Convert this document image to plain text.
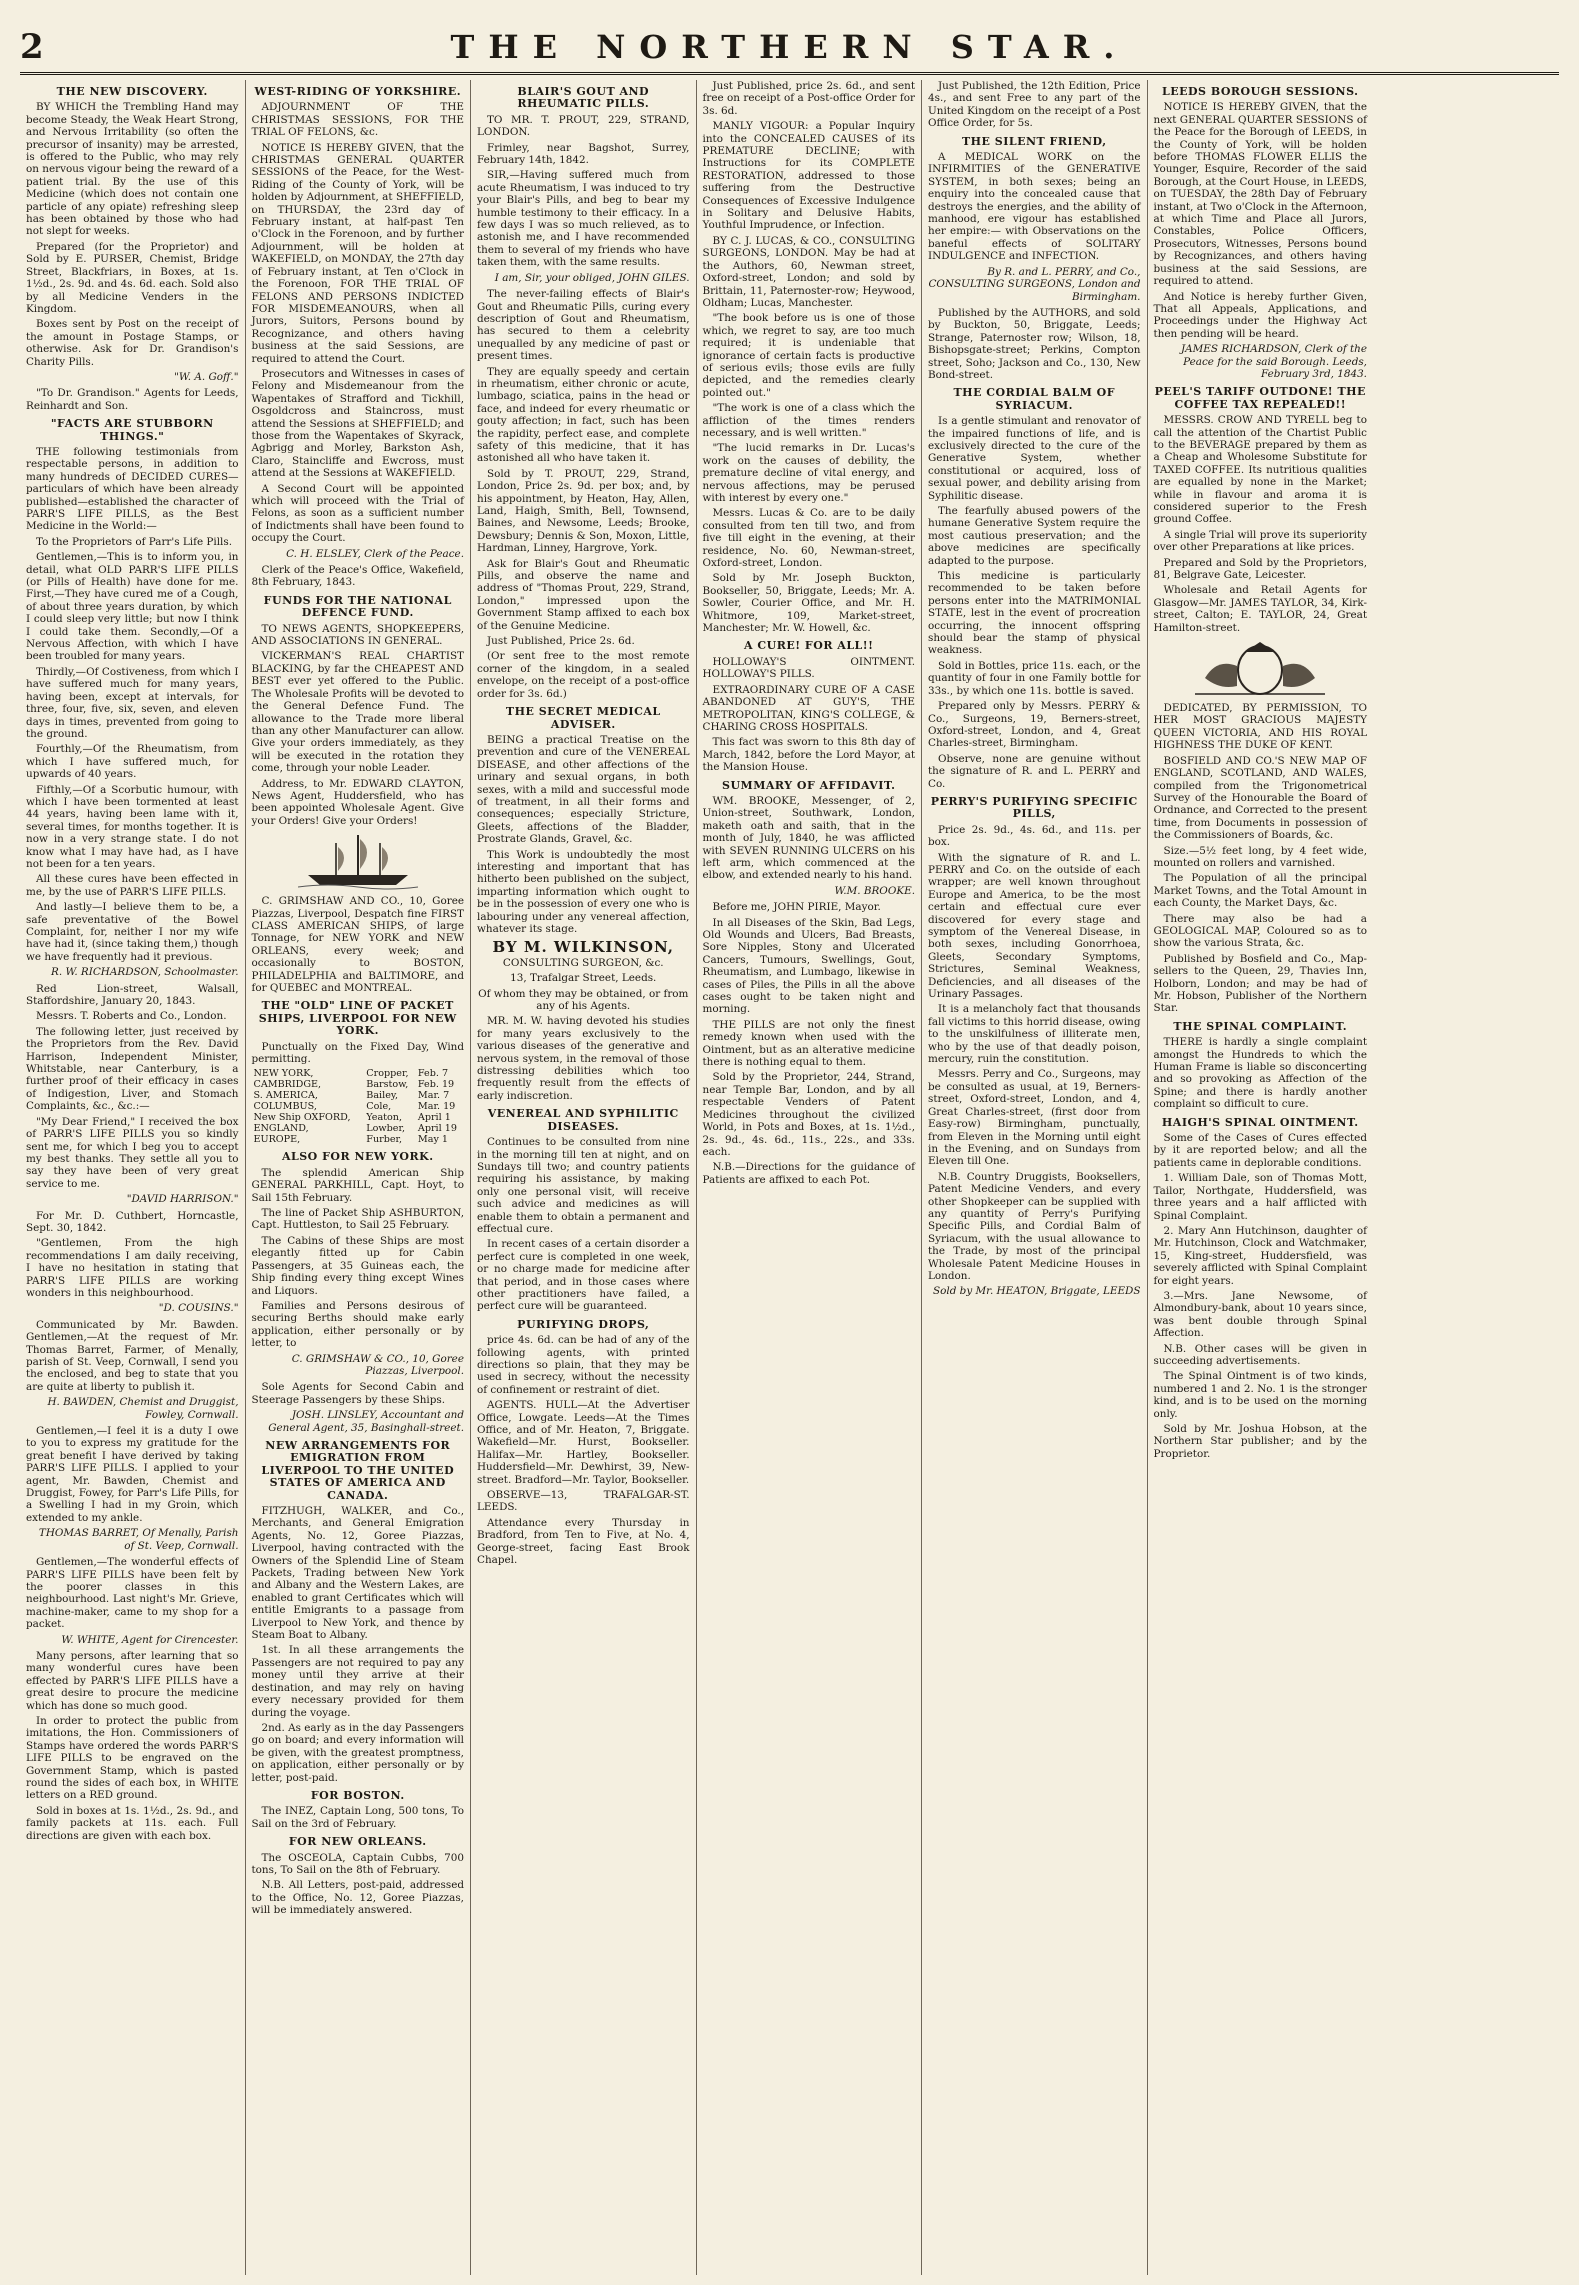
2	THE NORTHERN STAR.
THE NEW DISCOVERY.
BY WHICH the Trembling Hand may become Steady, the Weak Heart Strong, and Nervous Irritability (so often the precursor of insanity) may be arrested, is offered to the Public, who may rely on nervous vigour being the reward of a patient trial. By the use of this Medicine (which does not contain one particle of any opiate) refreshing sleep has been obtained by those who had not slept for weeks.
Prepared (for the Proprietor) and Sold by E. PURSER, Chemist, Bridge Street, Blackfriars, in Boxes, at 1s. 1½d., 2s. 9d. and 4s. 6d. each. Sold also by all Medicine Venders in the Kingdom.
Boxes sent by Post on the receipt of the amount in Postage Stamps, or otherwise. Ask for Dr. Grandison's Charity Pills.
"W. A. Goff."
"To Dr. Grandison." Agents for Leeds, Reinhardt and Son.
"FACTS ARE STUBBORN THINGS."
THE following testimonials from respectable persons, in addition to many hundreds of DECIDED CURES—particulars of which have been already published—established the character of PARR'S LIFE PILLS, as the Best Medicine in the World:—
To the Proprietors of Parr's Life Pills.
Gentlemen,—This is to inform you, in detail, what OLD PARR'S LIFE PILLS (or Pills of Health) have done for me. First,—They have cured me of a Cough, of about three years duration, by which I could sleep very little; but now I think I could take them. Secondly,—Of a Nervous Affection, with which I have been troubled for many years.
Thirdly,—Of Costiveness, from which I have suffered much for many years, having been, except at intervals, for three, four, five, six, seven, and eleven days in times, prevented from going to the ground.
Fourthly,—Of the Rheumatism, from which I have suffered much, for upwards of 40 years.
Fifthly,—Of a Scorbutic humour, with which I have been tormented at least 44 years, having been lame with it, several times, for months together. It is now in a very strange state. I do not know what I may have had, as I have not been for a ten years.
All these cures have been effected in me, by the use of PARR'S LIFE PILLS.
And lastly—I believe them to be, a safe preventative of the Bowel Complaint, for, neither I nor my wife have had it, (since taking them,) though we have frequently had it previous.
R. W. RICHARDSON, Schoolmaster.
Red Lion-street, Walsall, Staffordshire, January 20, 1843.
Messrs. T. Roberts and Co., London.
The following letter, just received by the Proprietors from the Rev. David Harrison, Independent Minister, Whitstable, near Canterbury, is a further proof of their efficacy in cases of Indigestion, Liver, and Stomach Complaints, &c., &c.:—
"My Dear Friend," I received the box of PARR'S LIFE PILLS you so kindly sent me, for which I beg you to accept my best thanks. They settle all you to say they have been of very great service to me.
"DAVID HARRISON."
For Mr. D. Cuthbert, Horncastle, Sept. 30, 1842.
"Gentlemen, From the high recommendations I am daily receiving, I have no hesitation in stating that PARR'S LIFE PILLS are working wonders in this neighbourhood.
"D. COUSINS."
Communicated by Mr. Bawden. Gentlemen,—At the request of Mr. Thomas Barret, Farmer, of Menally, parish of St. Veep, Cornwall, I send you the enclosed, and beg to state that you are quite at liberty to publish it.
H. BAWDEN, Chemist and Druggist, Fowley, Cornwall.
Gentlemen,—I feel it is a duty I owe to you to express my gratitude for the great benefit I have derived by taking PARR'S LIFE PILLS. I applied to your agent, Mr. Bawden, Chemist and Druggist, Fowey, for Parr's Life Pills, for a Swelling I had in my Groin, which extended to my ankle.
THOMAS BARRET, Of Menally, Parish of St. Veep, Cornwall.
Gentlemen,—The wonderful effects of PARR'S LIFE PILLS have been felt by the poorer classes in this neighbourhood. Last night's Mr. Grieve, machine-maker, came to my shop for a packet.
W. WHITE, Agent for Cirencester.
Many persons, after learning that so many wonderful cures have been effected by PARR'S LIFE PILLS have a great desire to procure the medicine which has done so much good.
In order to protect the public from imitations, the Hon. Commissioners of Stamps have ordered the words PARR'S LIFE PILLS to be engraved on the Government Stamp, which is pasted round the sides of each box, in WHITE letters on a RED ground.
Sold in boxes at 1s. 1½d., 2s. 9d., and family packets at 11s. each. Full directions are given with each box.
WEST-RIDING OF YORKSHIRE.
ADJOURNMENT OF THE CHRISTMAS SESSIONS, FOR THE TRIAL OF FELONS, &c.
NOTICE IS HEREBY GIVEN, that the CHRISTMAS GENERAL QUARTER SESSIONS of the Peace, for the West-Riding of the County of York, will be holden by Adjournment, at SHEFFIELD, on THURSDAY, the 23rd day of February instant, at half-past Ten o'Clock in the Forenoon, and by further Adjournment, will be holden at WAKEFIELD, on MONDAY, the 27th day of February instant, at Ten o'Clock in the Forenoon, FOR THE TRIAL OF FELONS AND PERSONS INDICTED FOR MISDEMEANOURS, when all Jurors, Suitors, Persons bound by Recognizance, and others having business at the said Sessions, are required to attend the Court.
Prosecutors and Witnesses in cases of Felony and Misdemeanour from the Wapentakes of Strafford and Tickhill, Osgoldcross and Staincross, must attend the Sessions at SHEFFIELD; and those from the Wapentakes of Skyrack, Agbrigg and Morley, Barkston Ash, Claro, Staincliffe and Ewcross, must attend at the Sessions at WAKEFIELD.
A Second Court will be appointed which will proceed with the Trial of Felons, as soon as a sufficient number of Indictments shall have been found to occupy the Court.
C. H. ELSLEY, Clerk of the Peace.
Clerk of the Peace's Office, Wakefield, 8th February, 1843.
FUNDS FOR THE NATIONAL DEFENCE FUND.
TO NEWS AGENTS, SHOPKEEPERS, AND ASSOCIATIONS IN GENERAL.
VICKERMAN'S REAL CHARTIST BLACKING, by far the CHEAPEST AND BEST ever yet offered to the Public. The Wholesale Profits will be devoted to the General Defence Fund. The allowance to the Trade more liberal than any other Manufacturer can allow. Give your orders immediately, as they will be executed in the rotation they come, through your noble Leader.
Address, to Mr. EDWARD CLAYTON, News Agent, Huddersfield, who has been appointed Wholesale Agent. Give your Orders! Give your Orders!
C. GRIMSHAW AND CO., 10, Goree Piazzas, Liverpool, Despatch fine FIRST CLASS AMERICAN SHIPS, of large Tonnage, for NEW YORK and NEW ORLEANS, every week; and occasionally to BOSTON, PHILADELPHIA and BALTIMORE, and for QUEBEC and MONTREAL.
THE "OLD" LINE OF PACKET SHIPS, LIVERPOOL FOR NEW YORK.
Punctually on the Fixed Day, Wind permitting.
NEW YORK,	Cropper,	Feb. 7
CAMBRIDGE,	Barstow,	Feb. 19
S. AMERICA,	Bailey,	Mar. 7
COLUMBUS,	Cole,	Mar. 19
New Ship OXFORD,	Yeaton,	April 1
ENGLAND,	Lowber,	April 19
EUROPE,	Furber,	May 1
ALSO FOR NEW YORK.
The splendid American Ship GENERAL PARKHILL, Capt. Hoyt, to Sail 15th February.
The line of Packet Ship ASHBURTON, Capt. Huttleston, to Sail 25 February.
The Cabins of these Ships are most elegantly fitted up for Cabin Passengers, at 35 Guineas each, the Ship finding every thing except Wines and Liquors.
Families and Persons desirous of securing Berths should make early application, either personally or by letter, to
C. GRIMSHAW & CO., 10, Goree Piazzas, Liverpool.
Sole Agents for Second Cabin and Steerage Passengers by these Ships.
JOSH. LINSLEY, Accountant and General Agent, 35, Basinghall-street.
NEW ARRANGEMENTS FOR EMIGRATION FROM LIVERPOOL TO THE UNITED STATES OF AMERICA AND CANADA.
FITZHUGH, WALKER, and Co., Merchants, and General Emigration Agents, No. 12, Goree Piazzas, Liverpool, having contracted with the Owners of the Splendid Line of Steam Packets, Trading between New York and Albany and the Western Lakes, are enabled to grant Certificates which will entitle Emigrants to a passage from Liverpool to New York, and thence by Steam Boat to Albany.
1st. In all these arrangements the Passengers are not required to pay any money until they arrive at their destination, and may rely on having every necessary provided for them during the voyage.
2nd. As early as in the day Passengers go on board; and every information will be given, with the greatest promptness, on application, either personally or by letter, post-paid.
FOR BOSTON.
The INEZ, Captain Long, 500 tons, To Sail on the 3rd of February.
FOR NEW ORLEANS.
The OSCEOLA, Captain Cubbs, 700 tons, To Sail on the 8th of February.
N.B. All Letters, post-paid, addressed to the Office, No. 12, Goree Piazzas, will be immediately answered.
BLAIR'S GOUT AND RHEUMATIC PILLS.
TO MR. T. PROUT, 229, STRAND, LONDON.
Frimley, near Bagshot, Surrey, February 14th, 1842.
SIR,—Having suffered much from acute Rheumatism, I was induced to try your Blair's Pills, and beg to bear my humble testimony to their efficacy. In a few days I was so much relieved, as to astonish me, and I have recommended them to several of my friends who have taken them, with the same results.
I am, Sir, your obliged, JOHN GILES.
The never-failing effects of Blair's Gout and Rheumatic Pills, curing every description of Gout and Rheumatism, has secured to them a celebrity unequalled by any medicine of past or present times.
They are equally speedy and certain in rheumatism, either chronic or acute, lumbago, sciatica, pains in the head or face, and indeed for every rheumatic or gouty affection; in fact, such has been the rapidity, perfect ease, and complete safety of this medicine, that it has astonished all who have taken it.
Sold by T. PROUT, 229, Strand, London, Price 2s. 9d. per box; and, by his appointment, by Heaton, Hay, Allen, Land, Haigh, Smith, Bell, Townsend, Baines, and Newsome, Leeds; Brooke, Dewsbury; Dennis & Son, Moxon, Little, Hardman, Linney, Hargrove, York.
Ask for Blair's Gout and Rheumatic Pills, and observe the name and address of "Thomas Prout, 229, Strand, London," impressed upon the Government Stamp affixed to each box of the Genuine Medicine.
Just Published, Price 2s. 6d.
(Or sent free to the most remote corner of the kingdom, in a sealed envelope, on the receipt of a post-office order for 3s. 6d.)
THE SECRET MEDICAL ADVISER.
BEING a practical Treatise on the prevention and cure of the VENEREAL DISEASE, and other affections of the urinary and sexual organs, in both sexes, with a mild and successful mode of treatment, in all their forms and consequences; especially Stricture, Gleets, affections of the Bladder, Prostrate Glands, Gravel, &c.
This Work is undoubtedly the most interesting and important that has hitherto been published on the subject, imparting information which ought to be in the possession of every one who is labouring under any venereal affection, whatever its stage.
BY M. WILKINSON,
CONSULTING SURGEON, &c.
13, Trafalgar Street, Leeds.
Of whom they may be obtained, or from any of his Agents.
MR. M. W. having devoted his studies for many years exclusively to the various diseases of the generative and nervous system, in the removal of those distressing debilities which too frequently result from the effects of early indiscretion.
VENEREAL AND SYPHILITIC DISEASES.
Continues to be consulted from nine in the morning till ten at night, and on Sundays till two; and country patients requiring his assistance, by making only one personal visit, will receive such advice and medicines as will enable them to obtain a permanent and effectual cure.
In recent cases of a certain disorder a perfect cure is completed in one week, or no charge made for medicine after that period, and in those cases where other practitioners have failed, a perfect cure will be guaranteed.
PURIFYING DROPS,
price 4s. 6d. can be had of any of the following agents, with printed directions so plain, that they may be used in secrecy, without the necessity of confinement or restraint of diet.
AGENTS. HULL—At the Advertiser Office, Lowgate. Leeds—At the Times Office, and of Mr. Heaton, 7, Briggate. Wakefield—Mr. Hurst, Bookseller. Halifax—Mr. Hartley, Bookseller. Huddersfield—Mr. Dewhirst, 39, New-street. Bradford—Mr. Taylor, Bookseller.
OBSERVE—13, TRAFALGAR-ST. LEEDS.
Attendance every Thursday in Bradford, from Ten to Five, at No. 4, George-street, facing East Brook Chapel.
Just Published, price 2s. 6d., and sent free on receipt of a Post-office Order for 3s. 6d.
MANLY VIGOUR: a Popular Inquiry into the CONCEALED CAUSES of its PREMATURE DECLINE; with Instructions for its COMPLETE RESTORATION, addressed to those suffering from the Destructive Consequences of Excessive Indulgence in Solitary and Delusive Habits, Youthful Imprudence, or Infection.
BY C. J. LUCAS, & CO., CONSULTING SURGEONS, LONDON. May be had at the Authors, 60, Newman street, Oxford-street, London; and sold by Brittain, 11, Paternoster-row; Heywood, Oldham; Lucas, Manchester.
"The book before us is one of those which, we regret to say, are too much required; it is undeniable that ignorance of certain facts is productive of serious evils; those evils are fully depicted, and the remedies clearly pointed out."
"The work is one of a class which the affliction of the times renders necessary, and is well written."
"The lucid remarks in Dr. Lucas's work on the causes of debility, the premature decline of vital energy, and nervous affections, may be perused with interest by every one."
Messrs. Lucas & Co. are to be daily consulted from ten till two, and from five till eight in the evening, at their residence, No. 60, Newman-street, Oxford-street, London.
Sold by Mr. Joseph Buckton, Bookseller, 50, Briggate, Leeds; Mr. A. Sowler, Courier Office, and Mr. H. Whitmore, 109, Market-street, Manchester; Mr. W. Howell, &c.
A CURE! FOR ALL!!
HOLLOWAY'S OINTMENT. HOLLOWAY'S PILLS.
EXTRAORDINARY CURE OF A CASE ABANDONED AT GUY'S, THE METROPOLITAN, KING'S COLLEGE, & CHARING CROSS HOSPITALS.
This fact was sworn to this 8th day of March, 1842, before the Lord Mayor, at the Mansion House.
SUMMARY OF AFFIDAVIT.
WM. BROOKE, Messenger, of 2, Union-street, Southwark, London, maketh oath and saith, that in the month of July, 1840, he was afflicted with SEVEN RUNNING ULCERS on his left arm, which commenced at the elbow, and extended nearly to his hand.
W.M. BROOKE.
Before me, JOHN PIRIE, Mayor.
In all Diseases of the Skin, Bad Legs, Old Wounds and Ulcers, Bad Breasts, Sore Nipples, Stony and Ulcerated Cancers, Tumours, Swellings, Gout, Rheumatism, and Lumbago, likewise in cases of Piles, the Pills in all the above cases ought to be taken night and morning.
THE PILLS are not only the finest remedy known when used with the Ointment, but as an alterative medicine there is nothing equal to them.
Sold by the Proprietor, 244, Strand, near Temple Bar, London, and by all respectable Venders of Patent Medicines throughout the civilized World, in Pots and Boxes, at 1s. 1½d., 2s. 9d., 4s. 6d., 11s., 22s., and 33s. each.
N.B.—Directions for the guidance of Patients are affixed to each Pot.
Just Published, the 12th Edition, Price 4s., and sent Free to any part of the United Kingdom on the receipt of a Post Office Order, for 5s.
THE SILENT FRIEND,
A MEDICAL WORK on the INFIRMITIES of the GENERATIVE SYSTEM, in both sexes; being an enquiry into the concealed cause that destroys the energies, and the ability of manhood, ere vigour has established her empire:— with Observations on the baneful effects of SOLITARY INDULGENCE and INFECTION.
By R. and L. PERRY, and Co., CONSULTING SURGEONS, London and Birmingham.
Published by the AUTHORS, and sold by Buckton, 50, Briggate, Leeds; Strange, Paternoster row; Wilson, 18, Bishopsgate-street; Perkins, Compton street, Soho; Jackson and Co., 130, New Bond-street.
THE CORDIAL BALM OF SYRIACUM.
Is a gentle stimulant and renovator of the impaired functions of life, and is exclusively directed to the cure of the Generative System, whether constitutional or acquired, loss of sexual power, and debility arising from Syphilitic disease.
The fearfully abused powers of the humane Generative System require the most cautious preservation; and the above medicines are specifically adapted to the purpose.
This medicine is particularly recommended to be taken before persons enter into the MATRIMONIAL STATE, lest in the event of procreation occurring, the innocent offspring should bear the stamp of physical weakness.
Sold in Bottles, price 11s. each, or the quantity of four in one Family bottle for 33s., by which one 11s. bottle is saved.
Prepared only by Messrs. PERRY & Co., Surgeons, 19, Berners-street, Oxford-street, London, and 4, Great Charles-street, Birmingham.
Observe, none are genuine without the signature of R. and L. PERRY and Co.
PERRY'S PURIFYING SPECIFIC PILLS,
Price 2s. 9d., 4s. 6d., and 11s. per box.
With the signature of R. and L. PERRY and Co. on the outside of each wrapper; are well known throughout Europe and America, to be the most certain and effectual cure ever discovered for every stage and symptom of the Venereal Disease, in both sexes, including Gonorrhoea, Gleets, Secondary Symptoms, Strictures, Seminal Weakness, Deficiencies, and all diseases of the Urinary Passages.
It is a melancholy fact that thousands fall victims to this horrid disease, owing to the unskilfulness of illiterate men, who by the use of that deadly poison, mercury, ruin the constitution.
Messrs. Perry and Co., Surgeons, may be consulted as usual, at 19, Berners-street, Oxford-street, London, and 4, Great Charles-street, (first door from Easy-row) Birmingham, punctually, from Eleven in the Morning until eight in the Evening, and on Sundays from Eleven till One.
N.B. Country Druggists, Booksellers, Patent Medicine Venders, and every other Shopkeeper can be supplied with any quantity of Perry's Purifying Specific Pills, and Cordial Balm of Syriacum, with the usual allowance to the Trade, by most of the principal Wholesale Patent Medicine Houses in London.
Sold by Mr. HEATON, Briggate, LEEDS
LEEDS BOROUGH SESSIONS.
NOTICE IS HEREBY GIVEN, that the next GENERAL QUARTER SESSIONS of the Peace for the Borough of LEEDS, in the County of York, will be holden before THOMAS FLOWER ELLIS the Younger, Esquire, Recorder of the said Borough, at the Court House, in LEEDS, on TUESDAY, the 28th Day of February instant, at Two o'Clock in the Afternoon, at which Time and Place all Jurors, Constables, Police Officers, Prosecutors, Witnesses, Persons bound by Recognizances, and others having business at the said Sessions, are required to attend.
And Notice is hereby further Given, That all Appeals, Applications, and Proceedings under the Highway Act then pending will be heard.
JAMES RICHARDSON, Clerk of the Peace for the said Borough. Leeds, February 3rd, 1843.
PEEL'S TARIFF OUTDONE! THE COFFEE TAX REPEALED!!
MESSRS. CROW AND TYRELL beg to call the attention of the Chartist Public to the BEVERAGE prepared by them as a Cheap and Wholesome Substitute for TAXED COFFEE. Its nutritious qualities are equalled by none in the Market; while in flavour and aroma it is considered superior to the Fresh ground Coffee.
A single Trial will prove its superiority over other Preparations at like prices.
Prepared and Sold by the Proprietors, 81, Belgrave Gate, Leicester.
Wholesale and Retail Agents for Glasgow—Mr. JAMES TAYLOR, 34, Kirk-street, Calton; E. TAYLOR, 24, Great Hamilton-street.
DEDICATED, BY PERMISSION, TO HER MOST GRACIOUS MAJESTY QUEEN VICTORIA, AND HIS ROYAL HIGHNESS THE DUKE OF KENT.
BOSFIELD AND CO.'S NEW MAP OF ENGLAND, SCOTLAND, AND WALES, compiled from the Trigonometrical Survey of the Honourable the Board of Ordnance, and Corrected to the present time, from Documents in possession of the Commissioners of Boards, &c.
Size.—5½ feet long, by 4 feet wide, mounted on rollers and varnished.
The Population of all the principal Market Towns, and the Total Amount in each County, the Market Days, &c.
There may also be had a GEOLOGICAL MAP, Coloured so as to show the various Strata, &c.
Published by Bosfield and Co., Map-sellers to the Queen, 29, Thavies Inn, Holborn, London; and may be had of Mr. Hobson, Publisher of the Northern Star.
THE SPINAL COMPLAINT.
THERE is hardly a single complaint amongst the Hundreds to which the Human Frame is liable so disconcerting and so provoking as Affection of the Spine; and there is hardly another complaint so difficult to cure.
HAIGH'S SPINAL OINTMENT.
Some of the Cases of Cures effected by it are reported below; and all the patients came in deplorable conditions.
1. William Dale, son of Thomas Mott, Tailor, Northgate, Huddersfield, was three years and a half afflicted with Spinal Complaint.
2. Mary Ann Hutchinson, daughter of Mr. Hutchinson, Clock and Watchmaker, 15, King-street, Huddersfield, was severely afflicted with Spinal Complaint for eight years.
3.—Mrs. Jane Newsome, of Almondbury-bank, about 10 years since, was bent double through Spinal Affection.
N.B. Other cases will be given in succeeding advertisements.
The Spinal Ointment is of two kinds, numbered 1 and 2. No. 1 is the stronger kind, and is to be used on the morning only.
Sold by Mr. Joshua Hobson, at the Northern Star publisher; and by the Proprietor.
